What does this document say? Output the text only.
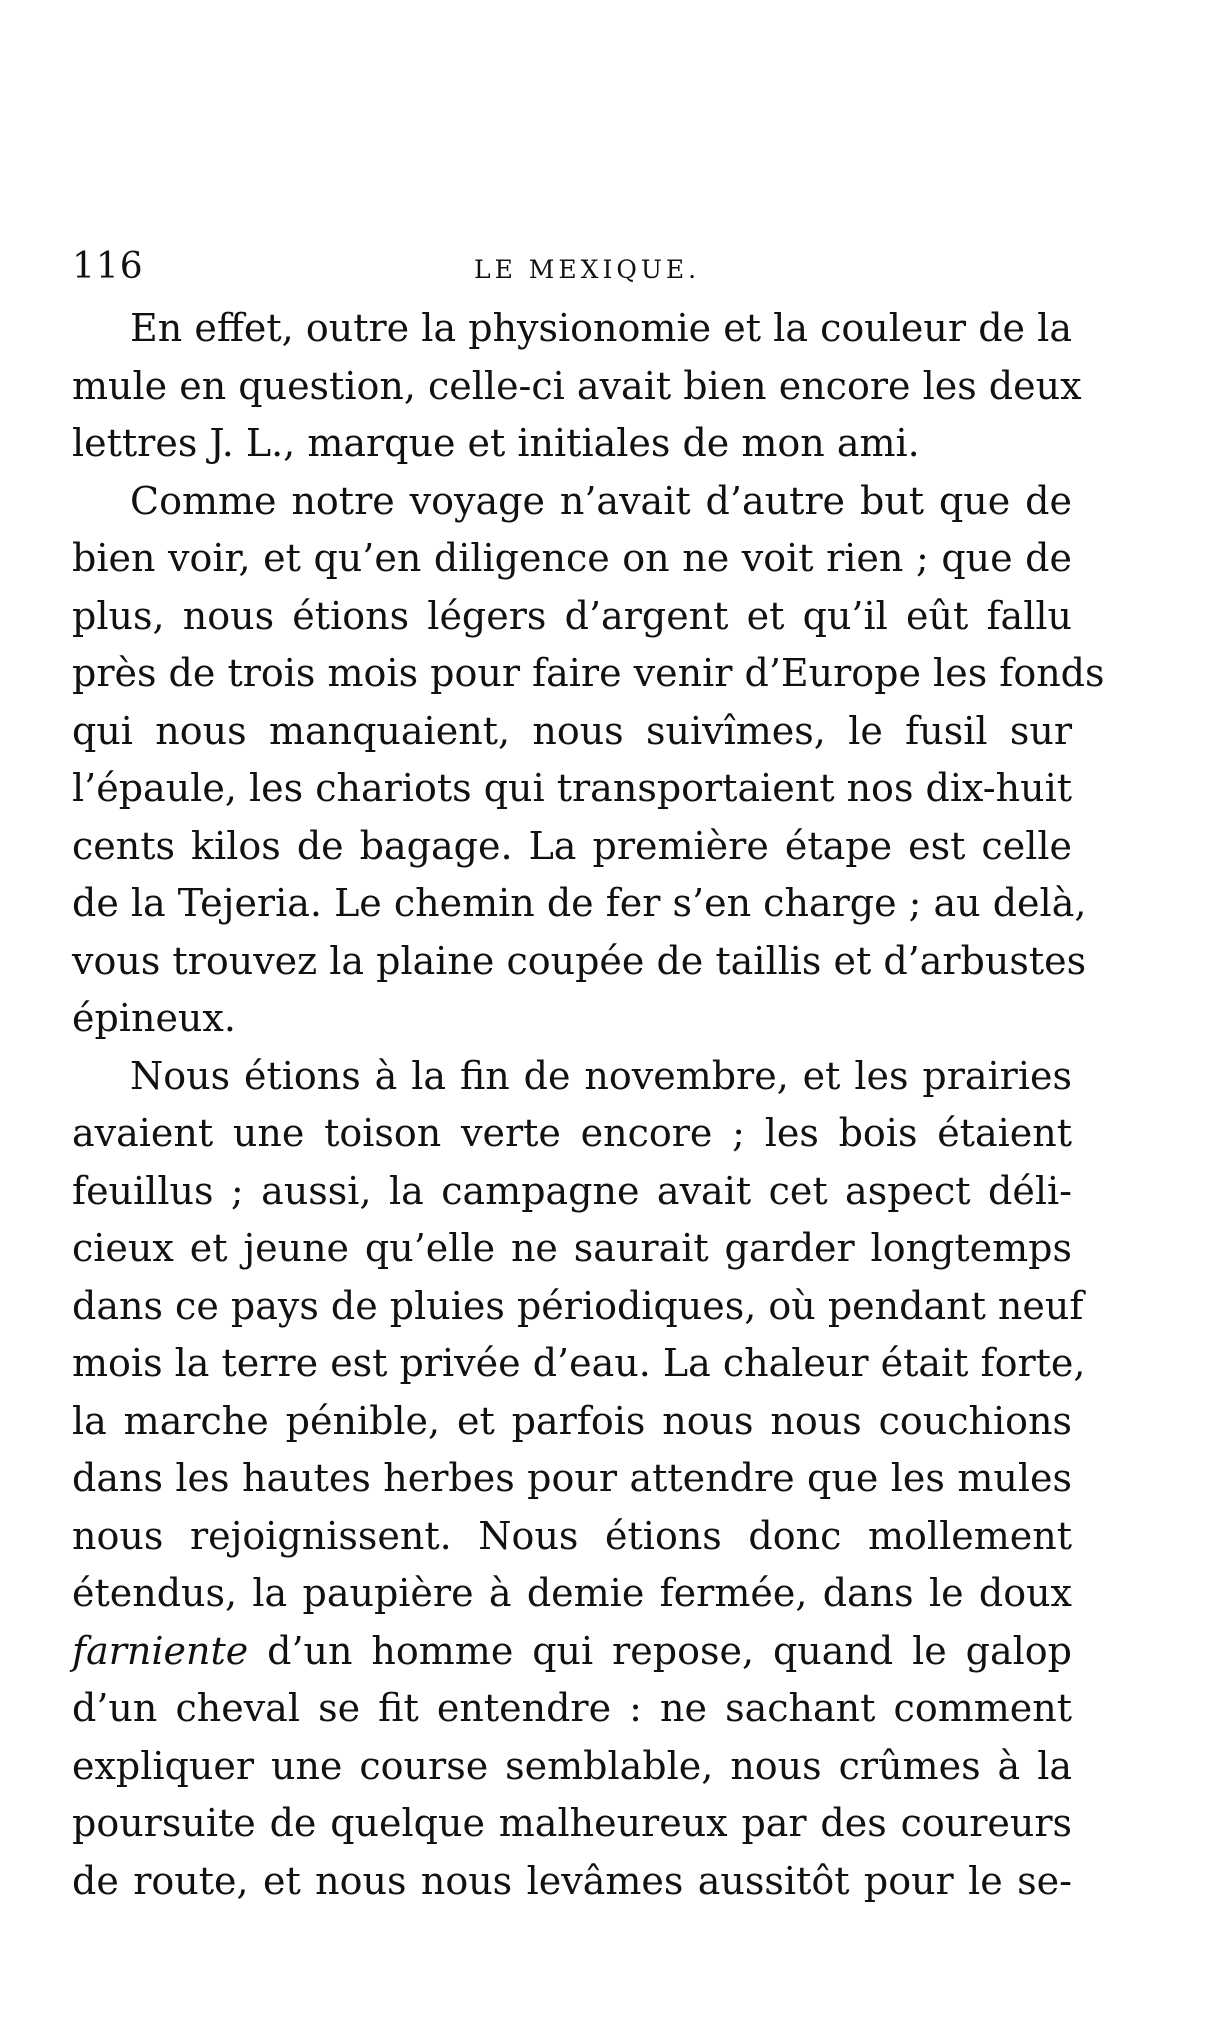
116	LE MEXIQUE.
En effet, outre la physionomie et la couleur de la
mule en question, celle-ci avait bien encore les deux
lettres J. L., marque et initiales de mon ami.
Comme notre voyage n’avait d’autre but que de
bien voir, et qu’en diligence on ne voit rien ; que de
plus, nous étions légers d’argent et qu’il eût fallu
près de trois mois pour faire venir d’Europe les fonds
qui nous manquaient, nous suivîmes, le fusil sur
l’épaule, les chariots qui transportaient nos dix-huit
cents kilos de bagage. La première étape est celle
de la Tejeria. Le chemin de fer s’en charge ; au delà,
vous trouvez la plaine coupée de taillis et d’arbustes
épineux.
Nous étions à la fin de novembre, et les prairies
avaient une toison verte encore ; les bois étaient
feuillus ; aussi, la campagne avait cet aspect déli-
cieux et jeune qu’elle ne saurait garder longtemps
dans ce pays de pluies périodiques, où pendant neuf
mois la terre est privée d’eau. La chaleur était forte,
la marche pénible, et parfois nous nous couchions
dans les hautes herbes pour attendre que les mules
nous rejoignissent. Nous étions donc mollement
étendus, la paupière à demie fermée, dans le doux
farniente d’un homme qui repose, quand le galop
d’un cheval se fit entendre : ne sachant comment
expliquer une course semblable, nous crûmes à la
poursuite de quelque malheureux par des coureurs
de route, et nous nous levâmes aussitôt pour le se-
